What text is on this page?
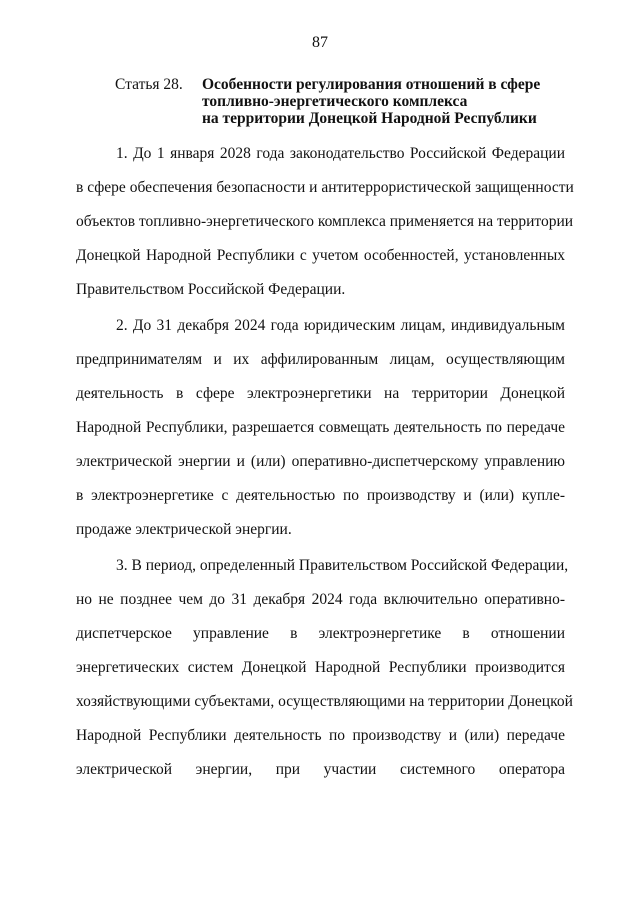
87
Статья 28. Особенности регулирования отношений в сфере
топливно-энергетического комплекса
на территории Донецкой Народной Республики
1. До 1 января 2028 года законодательство Российской Федерации
в сфере обеспечения безопасности и антитеррористической защищенности
объектов топливно-энергетического комплекса применяется на территории
Донецкой Народной Республики с учетом особенностей, установленных
Правительством Российской Федерации.
2. До 31 декабря 2024 года юридическим лицам, индивидуальным
предпринимателям и их аффилированным лицам, осуществляющим
деятельность в сфере электроэнергетики на территории Донецкой
Народной Республики, разрешается совмещать деятельность по передаче
электрической энергии и (или) оперативно-диспетчерскому управлению
в электроэнергетике с деятельностью по производству и (или) купле-
продаже электрической энергии.
3. В период, определенный Правительством Российской Федерации,
но не позднее чем до 31 декабря 2024 года включительно оперативно-
диспетчерское управление в электроэнергетике в отношении
энергетических систем Донецкой Народной Республики производится
хозяйствующими субъектами, осуществляющими на территории Донецкой
Народной Республики деятельность по производству и (или) передаче
электрической энергии, при участии системного оператора
